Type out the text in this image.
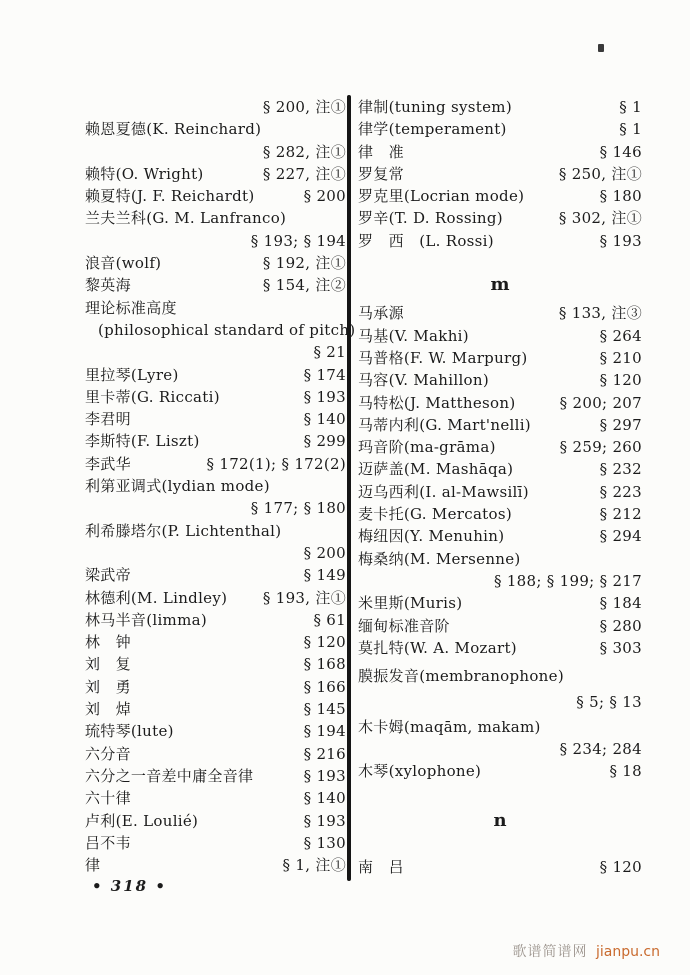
§ 200, 注①
赖恩夏德(K. Reinchard)
§ 282, 注①
赖特(O. Wright)	§ 227, 注①
赖夏特(J. F. Reichardt)	§ 200
兰夫兰科(G. M. Lanfranco)
§ 193; § 194
浪音(wolf)	§ 192, 注①
黎英海	§ 154, 注②
理论标准高度
(philosophical standard of pitch)
§ 21
里拉琴(Lyre)	§ 174
里卡蒂(G. Riccati)	§ 193
李君明	§ 140
李斯特(F. Liszt)	§ 299
李武华	§ 172(1); § 172(2)
利第亚调式(lydian mode)
§ 177; § 180
利希滕塔尔(P. Lichtenthal)
§ 200
梁武帝	§ 149
林德利(M. Lindley) § 193, 注①
林马半音(limma)	§ 61
林　钟	§ 120
刘　复	§ 168
刘　勇	§ 166
刘　焯	§ 145
琉特琴(lute)	§ 194
六分音	§ 216
六分之一音差中庸全音律	§ 193
六十律	§ 140
卢利(E. Loulié)	§ 193
吕不韦	§ 130
律	§ 1, 注①
律制(tuning system)	§ 1
律学(temperament)	§ 1
律　准	§ 146
罗复常	§ 250, 注①
罗克里(Locrian mode)	§ 180
罗辛(T. D. Rossing)	§ 302, 注①
罗　西　(L. Rossi)	§ 193
m
马承源	§ 133, 注③
马基(V. Makhi)	§ 264
马普格(F. W. Marpurg)	§ 210
马容(V. Mahillon)	§ 120
马特松(J. Mattheson)	§ 200; 207
马蒂内利(G. Mart'nelli)	§ 297
玛音阶(ma-grāma)	§ 259; 260
迈萨盖(M. Mashāqa)	§ 232
迈乌西利(I. al-Mawsilī)	§ 223
麦卡托(G. Mercatos)	§ 212
梅纽因(Y. Menuhin)	§ 294
梅桑纳(M. Mersenne)
§ 188; § 199; § 217
米里斯(Muris)	§ 184
缅甸标准音阶	§ 280
莫扎特(W. A. Mozart)	§ 303
膜振发音(membranophone)
§ 5; § 13
木卡姆(maqām, makam)
§ 234; 284
木琴(xylophone)	§ 18
n
南　吕	§ 120
• 318 •
歌谱简谱网 jianpu.cn
